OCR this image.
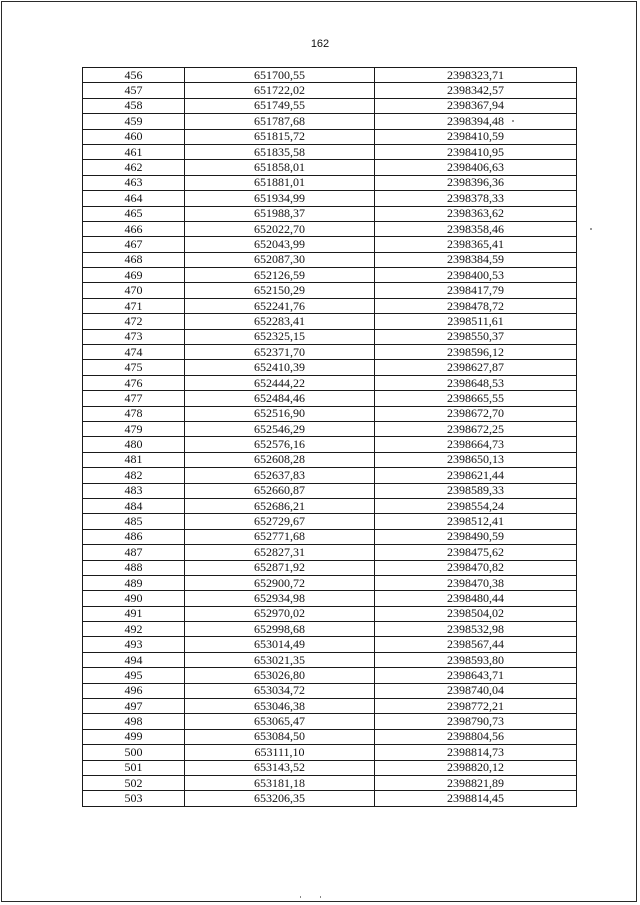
162
456	651700,55	2398323,71
457	651722,02	2398342,57
458	651749,55	2398367,94
459	651787,68	2398394,48
460	651815,72	2398410,59
461	651835,58	2398410,95
462	651858,01	2398406,63
463	651881,01	2398396,36
464	651934,99	2398378,33
465	651988,37	2398363,62
466	652022,70	2398358,46
467	652043,99	2398365,41
468	652087,30	2398384,59
469	652126,59	2398400,53
470	652150,29	2398417,79
471	652241,76	2398478,72
472	652283,41	2398511,61
473	652325,15	2398550,37
474	652371,70	2398596,12
475	652410,39	2398627,87
476	652444,22	2398648,53
477	652484,46	2398665,55
478	652516,90	2398672,70
479	652546,29	2398672,25
480	652576,16	2398664,73
481	652608,28	2398650,13
482	652637,83	2398621,44
483	652660,87	2398589,33
484	652686,21	2398554,24
485	652729,67	2398512,41
486	652771,68	2398490,59
487	652827,31	2398475,62
488	652871,92	2398470,82
489	652900,72	2398470,38
490	652934,98	2398480,44
491	652970,02	2398504,02
492	652998,68	2398532,98
493	653014,49	2398567,44
494	653021,35	2398593,80
495	653026,80	2398643,71
496	653034,72	2398740,04
497	653046,38	2398772,21
498	653065,47	2398790,73
499	653084,50	2398804,56
500	653111,10	2398814,73
501	653143,52	2398820,12
502	653181,18	2398821,89
503	653206,35	2398814,45
